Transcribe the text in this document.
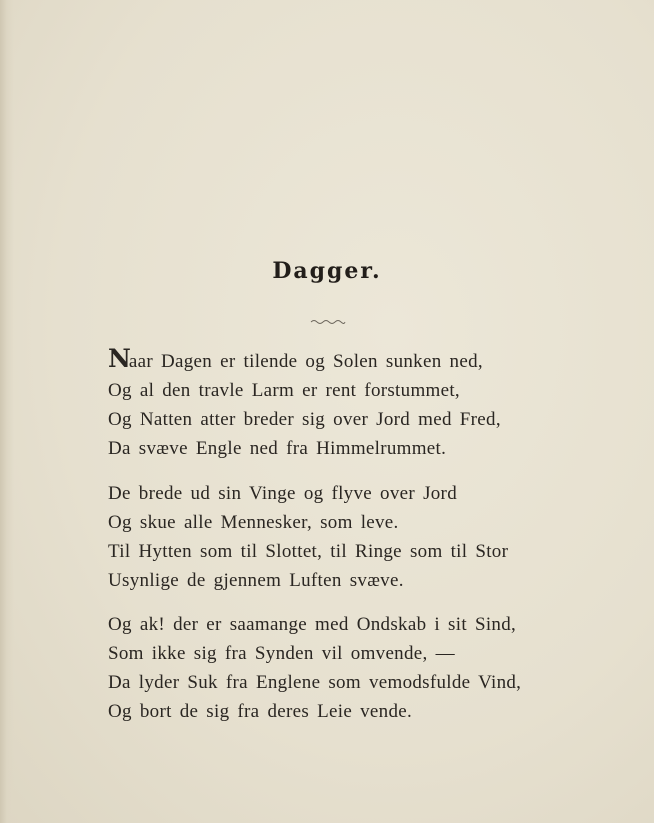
Dagger.
Naar Dagen er tilende og Solen sunken ned,
Og al den travle Larm er rent forstummet,
Og Natten atter breder sig over Jord med Fred,
Da svæve Engle ned fra Himmelrummet.
De brede ud sin Vinge og flyve over Jord
Og skue alle Mennesker, som leve.
Til Hytten som til Slottet, til Ringe som til Stor
Usynlige de gjennem Luften svæve.
Og ak! der er saamange med Ondskab i sit Sind,
Som ikke sig fra Synden vil omvende, —
Da lyder Suk fra Englene som vemodsfulde Vind,
Og bort de sig fra deres Leie vende.
